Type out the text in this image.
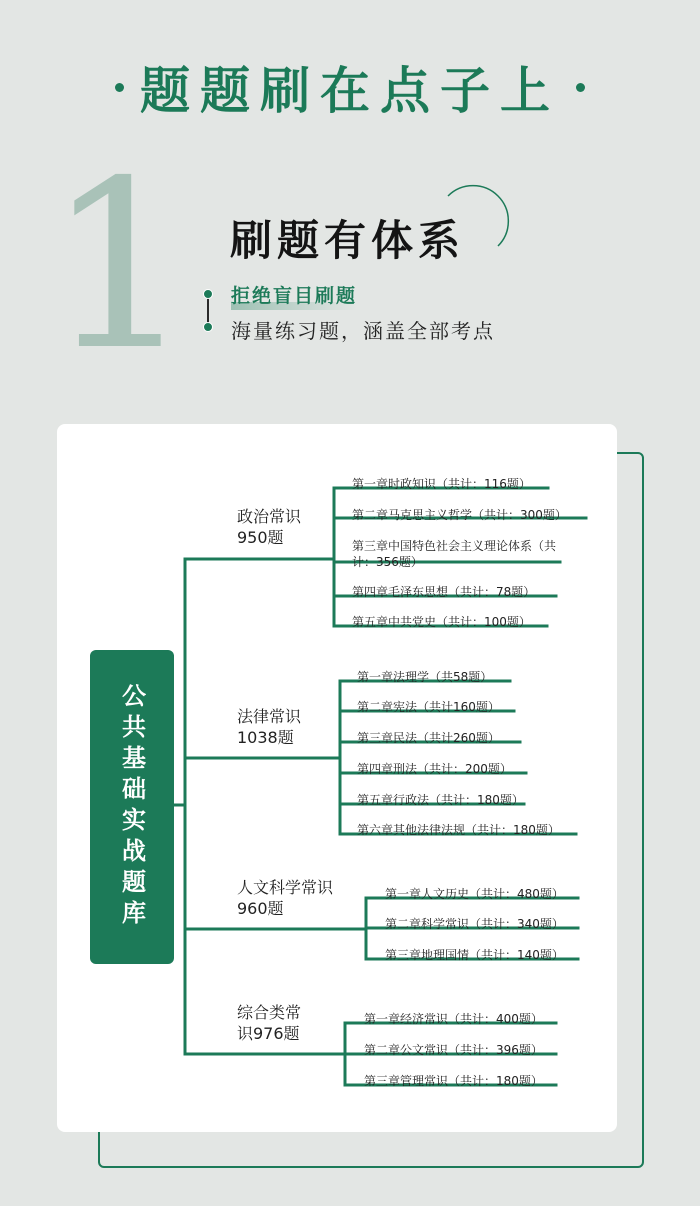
题题刷在点子上
1 刷题有体系
拒绝盲目刷题
海量练习题，涵盖全部考点
公共基础实战题库
政治常识
950题
第一章时政知识（共计：116题）
第二章马克思主义哲学（共计：300题）
第三章中国特色社会主义理论体系（共计：356题）
第四章毛泽东思想（共计：78题）
第五章中共党史（共计：100题）
法律常识
1038题
第一章法理学（共58题）
第二章宪法（共计160题）
第三章民法（共计260题）
第四章刑法（共计：200题）
第五章行政法（共计：180题）
第六章其他法律法规（共计：180题）
人文科学常识
960题
第一章人文历史（共计：480题）
第二章科学常识（共计：340题）
第三章地理国情（共计：140题）
综合类常
识976题
第一章经济常识（共计：400题）
第二章公文常识（共计：396题）
第三章管理常识（共计：180题）
